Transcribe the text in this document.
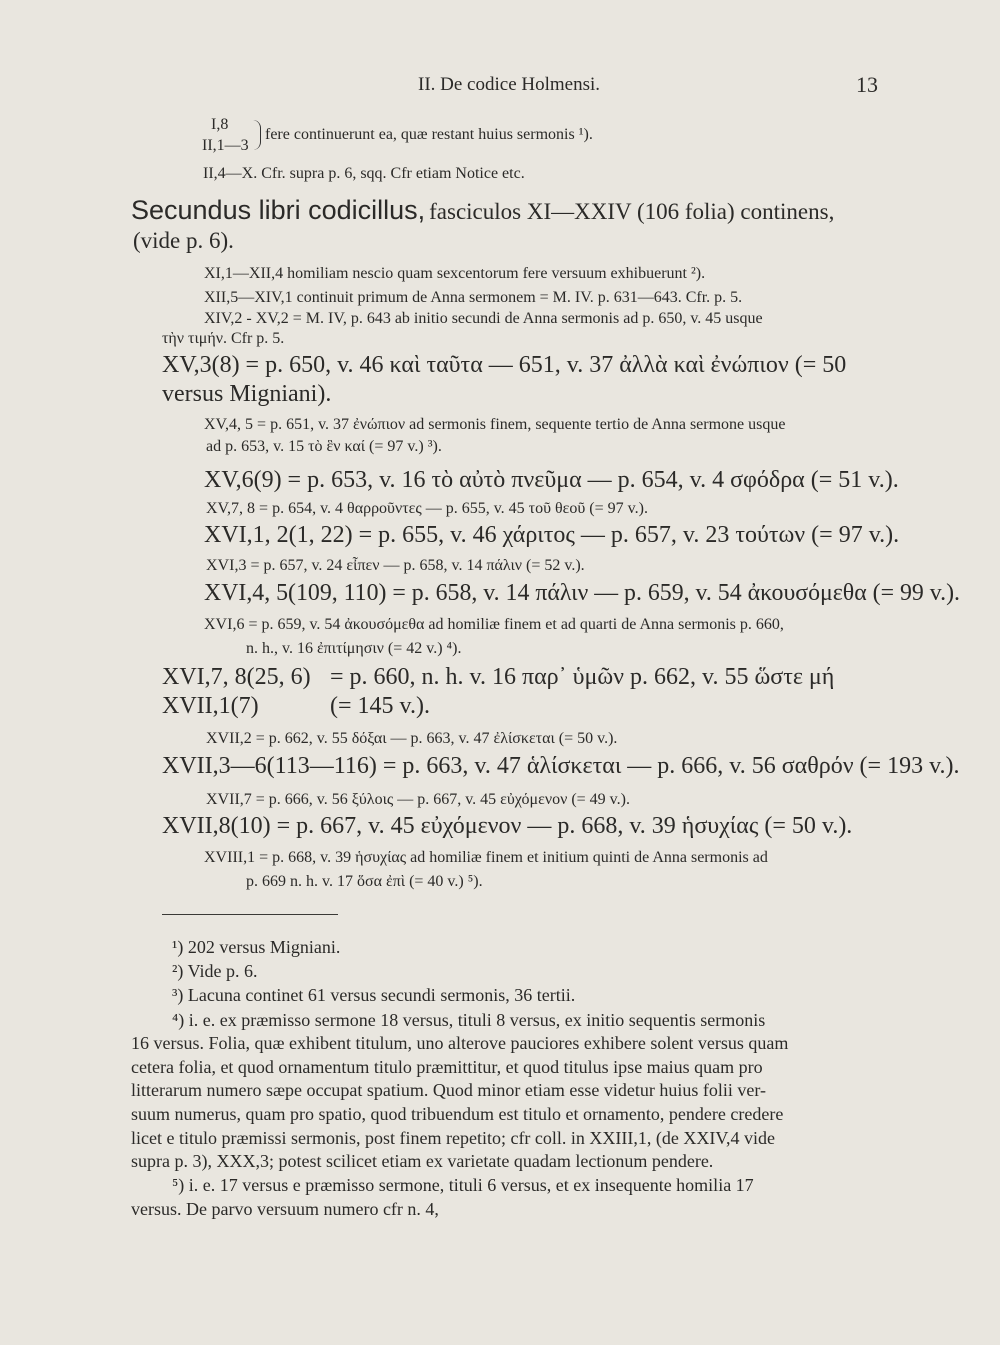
II. De codice Holmensi.	13
I,8
II,1—3
fere continuerunt ea, quæ restant huius sermonis ¹).
II,4—X. Cfr. supra p. 6, sqq. Cfr etiam Notice etc.
Secundus libri codicillus, fasciculos XI—XXIV (106 folia) continens,
(vide p. 6).
XI,1—XII,4 homiliam nescio quam sexcentorum fere versuum exhibuerunt ²).
XII,5—XIV,1 continuit primum de Anna sermonem = M. IV. p. 631—643. Cfr. p. 5.
XIV,2 - XV,2 = M. IV, p. 643 ab initio secundi de Anna sermonis ad p. 650, v. 45 usque
τὴν τιμήν. Cfr p. 5.
XV,3(8) = p. 650, v. 46 καὶ ταῦτα — 651, v. 37 ἀλλὰ καὶ ἐνώπιον (= 50
versus Migniani).
XV,4, 5 = p. 651, v. 37 ἐνώπιον ad sermonis finem, sequente tertio de Anna sermone usque
ad p. 653, v. 15 τὸ ἓν καί (= 97 v.) ³).
XV,6(9) = p. 653, v. 16 τὸ αὐτὸ πνεῦμα — p. 654, v. 4 σφόδρα (= 51 v.).
XV,7, 8 = p. 654, v. 4 θαρροῦντες — p. 655, v. 45 τοῦ θεοῦ (= 97 v.).
XVI,1, 2(1, 22) = p. 655, v. 46 χάριτος — p. 657, v. 23 τούτων (= 97 v.).
XVI,3 = p. 657, v. 24 εἶπεν — p. 658, v. 14 πάλιν (= 52 v.).
XVI,4, 5(109, 110) = p. 658, v. 14 πάλιν — p. 659, v. 54 ἀκουσόμεθα (= 99 v.).
XVI,6 = p. 659, v. 54 ἀκουσόμεθα ad homiliæ finem et ad quarti de Anna sermonis p. 660,
n. h., v. 16 ἐπιτίμησιν (= 42 v.) ⁴).
XVI,7, 8(25, 6) = p. 660, n. h. v. 16 παρ᾽ ὑμῶν p. 662, v. 55 ὥστε μή
XVII,1(7)	(= 145 v.).
XVII,2 = p. 662, v. 55 δόξαι — p. 663, v. 47 ἐλίσκεται (= 50 v.).
XVII,3—6(113—116) = p. 663, v. 47 ἁλίσκεται — p. 666, v. 56 σαθρόν (= 193 v.).
XVII,7 = p. 666, v. 56 ξύλοις — p. 667, v. 45 εὐχόμενον (= 49 v.).
XVII,8(10) = p. 667, v. 45 εὐχόμενον — p. 668, v. 39 ἡσυχίας (= 50 v.).
XVIII,1 = p. 668, v. 39 ἡσυχίας ad homiliæ finem et initium quinti de Anna sermonis ad
p. 669 n. h. v. 17 ὅσα ἐπὶ (= 40 v.) ⁵).
¹) 202 versus Migniani.
²) Vide p. 6.
³) Lacuna continet 61 versus secundi sermonis, 36 tertii.
⁴) i. e. ex præmisso sermone 18 versus, tituli 8 versus, ex initio sequentis sermonis
16 versus. Folia, quæ exhibent titulum, uno alterove pauciores exhibere solent versus quam
cetera folia, et quod ornamentum titulo præmittitur, et quod titulus ipse maius quam pro
litterarum numero sæpe occupat spatium. Quod minor etiam esse videtur huius folii ver-
suum numerus, quam pro spatio, quod tribuendum est titulo et ornamento, pendere credere
licet e titulo præmissi sermonis, post finem repetito; cfr coll. in XXIII,1, (de XXIV,4 vide
supra p. 3), XXX,3; potest scilicet etiam ex varietate quadam lectionum pendere.
⁵) i. e. 17 versus e præmisso sermone, tituli 6 versus, et ex insequente homilia 17
versus. De parvo versuum numero cfr n. 4,
